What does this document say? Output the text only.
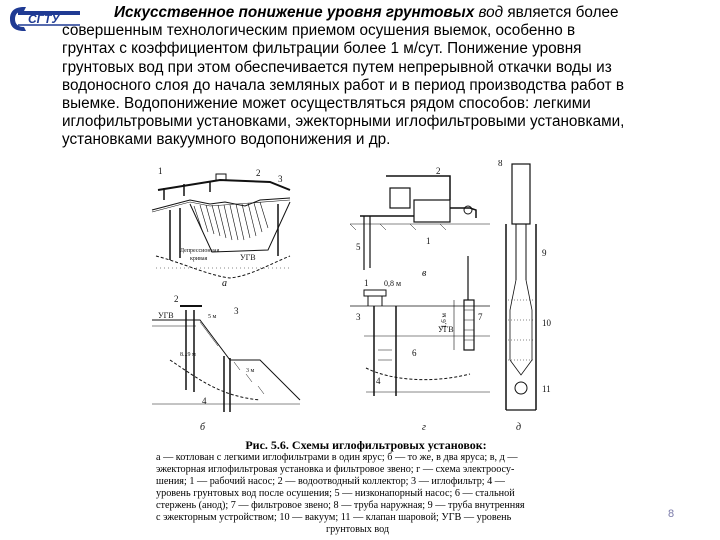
СГТУ	Искусственное понижение уровня грунтовых вод является более
совершенным технологическим приемом осушения выемок, особенно в
грунтах с коэффициентом фильтрации более 1 м/сут. Понижение уровня
грунтовых вод при этом обеспечивается путем непрерывной откачки воды из
водоносного слоя до начала земляных работ и в период производства работ в
выемке. Водопонижение может осуществляться рядом способов: легкими
иглофильтровыми установками, эжекторными иглофильтровыми установками,
установками вакуумного водопонижения и др.
УГВ
Депрессионная
кривая
1	2
3
а
УГВ
2
3
5 м
8...9 м
3 м
4
б
2
1
5
в
1 0,8 м
УГВ
3
6
4
г
1,6 м	7
8
9
10
11
д
Рис. 5.6. Схемы иглофильтровых установок:
а — котлован с легкими иглофильтрами в один ярус; б — то же, в два яруса; в, д —
эжекторная иглофильтровая установка и фильтровое звено; г — схема электроосу-
шения; 1 — рабочий насос; 2 — водоотводный коллектор; 3 — иглофильтр; 4 —
уровень грунтовых вод после осушения; 5 — низконапорный насос; 6 — стальной
стержень (анод); 7 — фильтровое звено; 8 — труба наружная; 9 — труба внутренняя
с эжекторным устройством; 10 — вакуум; 11 — клапан шаровой; УГВ — уровень
грунтовых вод
8
